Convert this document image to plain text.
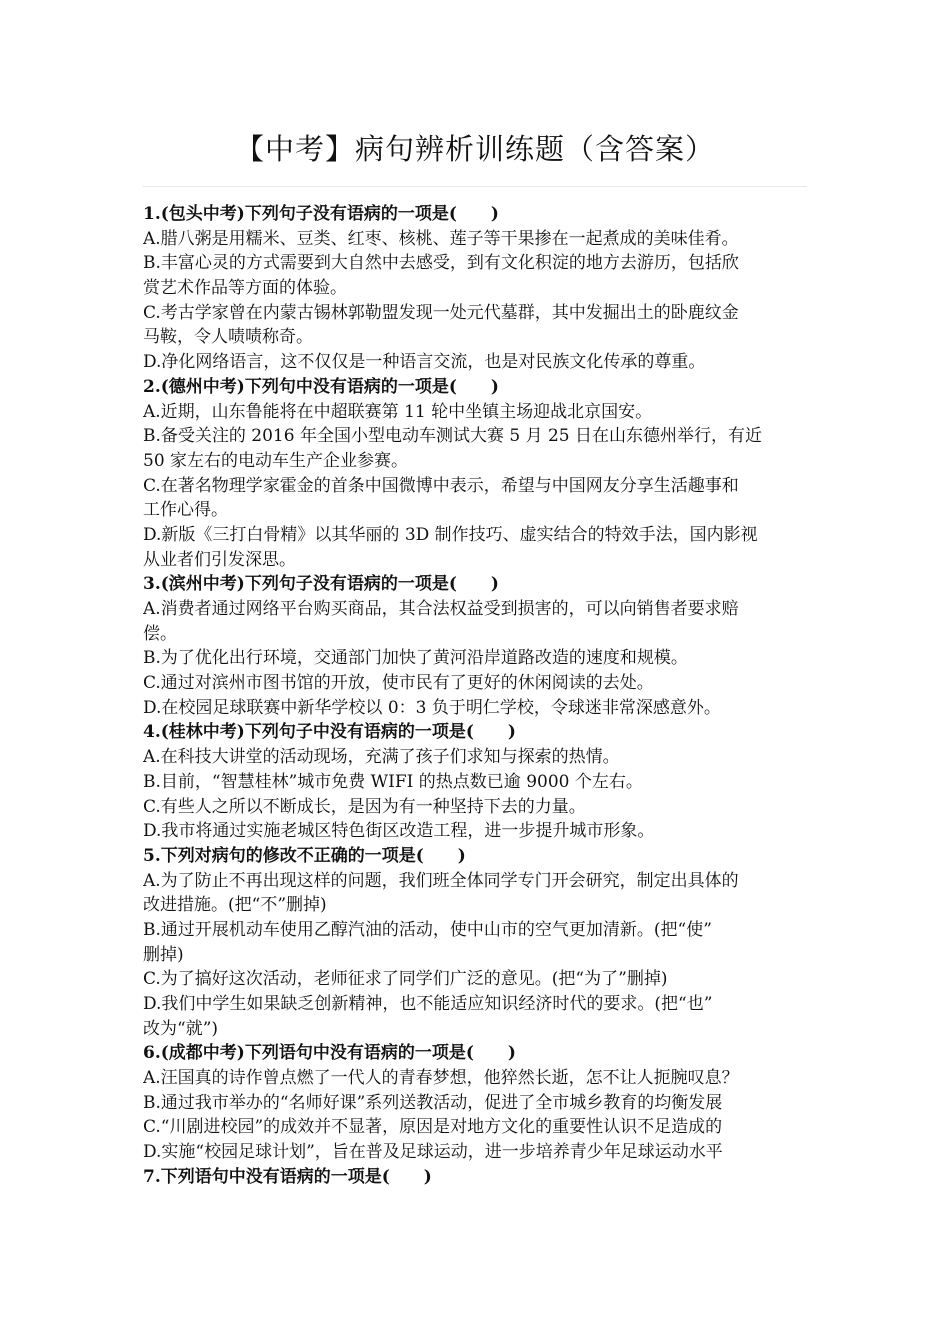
【中考】病句辨析训练题（含答案）
1.(包头中考)下列句子没有语病的一项是(　　)
A.腊八粥是用糯米、豆类、红枣、核桃、莲子等干果掺在一起煮成的美味佳肴。
B.丰富心灵的方式需要到大自然中去感受，到有文化积淀的地方去游历，包括欣
赏艺术作品等方面的体验。
C.考古学家曾在内蒙古锡林郭勒盟发现一处元代墓群，其中发掘出土的卧鹿纹金
马鞍，令人啧啧称奇。
D.净化网络语言，这不仅仅是一种语言交流，也是对民族文化传承的尊重。
2.(德州中考)下列句中没有语病的一项是(　　)
A.近期，山东鲁能将在中超联赛第 11 轮中坐镇主场迎战北京国安。
B.备受关注的 2016 年全国小型电动车测试大赛 5 月 25 日在山东德州举行，有近
50 家左右的电动车生产企业参赛。
C.在著名物理学家霍金的首条中国微博中表示，希望与中国网友分享生活趣事和
工作心得。
D.新版《三打白骨精》以其华丽的 3D 制作技巧、虚实结合的特效手法，国内影视
从业者们引发深思。
3.(滨州中考)下列句子没有语病的一项是(　　)
A.消费者通过网络平台购买商品，其合法权益受到损害的，可以向销售者要求赔
偿。
B.为了优化出行环境，交通部门加快了黄河沿岸道路改造的速度和规模。
C.通过对滨州市图书馆的开放，使市民有了更好的休闲阅读的去处。
D.在校园足球联赛中新华学校以 0：3 负于明仁学校，令球迷非常深感意外。
4.(桂林中考)下列句子中没有语病的一项是(　　)
A.在科技大讲堂的活动现场，充满了孩子们求知与探索的热情。
B.目前，“智慧桂林”城市免费 WIFI 的热点数已逾 9000 个左右。
C.有些人之所以不断成长，是因为有一种坚持下去的力量。
D.我市将通过实施老城区特色街区改造工程，进一步提升城市形象。
5.下列对病句的修改不正确的一项是(　　)
A.为了防止不再出现这样的问题，我们班全体同学专门开会研究，制定出具体的
改进措施。(把“不”删掉)
B.通过开展机动车使用乙醇汽油的活动，使中山市的空气更加清新。(把“使”
删掉)
C.为了搞好这次活动，老师征求了同学们广泛的意见。(把“为了”删掉)
D.我们中学生如果缺乏创新精神，也不能适应知识经济时代的要求。(把“也”
改为“就”)
6.(成都中考)下列语句中没有语病的一项是(　　)
A.汪国真的诗作曾点燃了一代人的青春梦想，他猝然长逝，怎不让人扼腕叹息？
B.通过我市举办的“名师好课”系列送教活动，促进了全市城乡教育的均衡发展
C.“川剧进校园”的成效并不显著，原因是对地方文化的重要性认识不足造成的
D.实施“校园足球计划”，旨在普及足球运动，进一步培养青少年足球运动水平
7.下列语句中没有语病的一项是(　　)
